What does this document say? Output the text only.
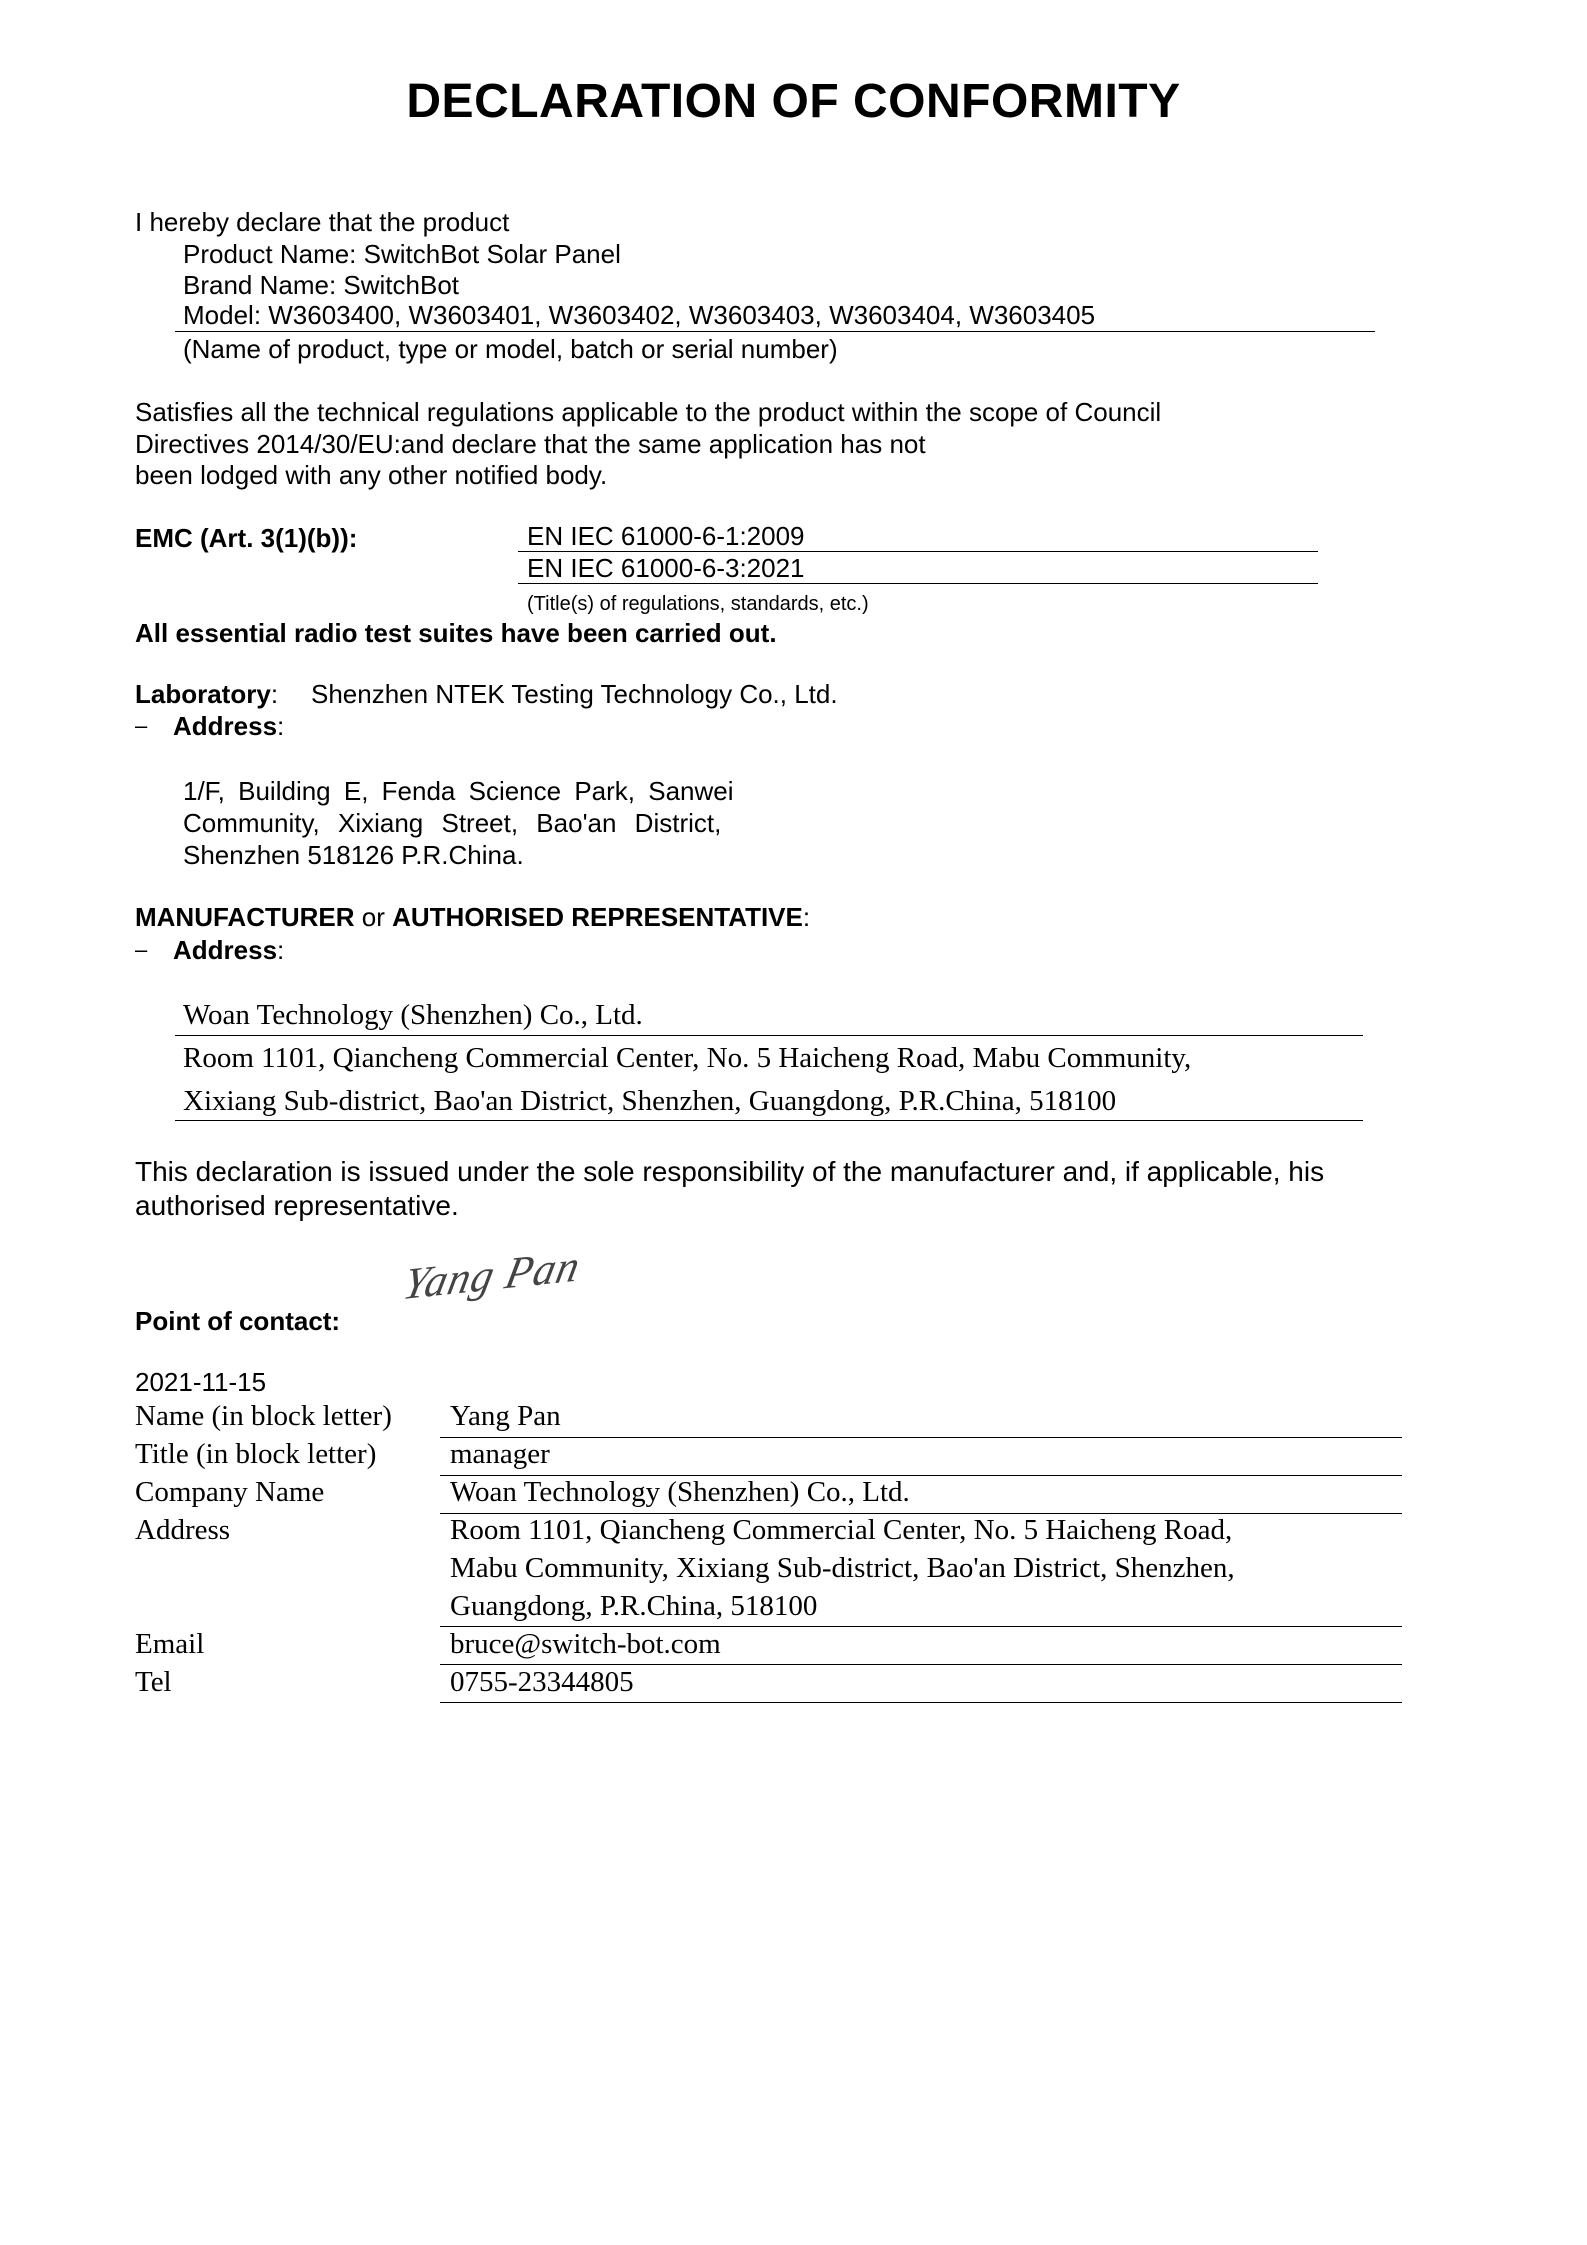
DECLARATION OF CONFORMITY
I hereby declare that the product
Product Name: SwitchBot Solar Panel
Brand Name: SwitchBot
Model: W3603400, W3603401, W3603402, W3603403, W3603404, W3603405
(Name of product, type or model, batch or serial number)
Satisfies all the technical regulations applicable to the product within the scope of Council
Directives 2014/30/EU:and declare that the same application has not
been lodged with any other notified body.
EMC (Art. 3(1)(b)):	EN IEC 61000-6-1:2009
EN IEC 61000-6-3:2021
(Title(s) of regulations, standards, etc.)
All essential radio test suites have been carried out.
Laboratory: Shenzhen NTEK Testing Technology Co., Ltd.
– Address:
1/F, Building E, Fenda Science Park, Sanwei
Community, Xixiang Street, Bao'an District,
Shenzhen 518126 P.R.China.
MANUFACTURER or AUTHORISED REPRESENTATIVE:
– Address:
Woan Technology (Shenzhen) Co., Ltd.
Room 1101, Qiancheng Commercial Center, No. 5 Haicheng Road, Mabu Community,
Xixiang Sub-district, Bao'an District, Shenzhen, Guangdong, P.R.China, 518100
This declaration is issued under the sole responsibility of the manufacturer and, if applicable, his
authorised representative.
Point of contact:
Yang Pan
2021-11-15
Name (in block letter) Yang Pan
Title (in block letter)	manager
Company Name	Woan Technology (Shenzhen) Co., Ltd.
Address	Room 1101, Qiancheng Commercial Center, No. 5 Haicheng Road,
Mabu Community, Xixiang Sub-district, Bao'an District, Shenzhen,
Guangdong, P.R.China, 518100
Email	bruce@switch-bot.com
Tel	0755-23344805
